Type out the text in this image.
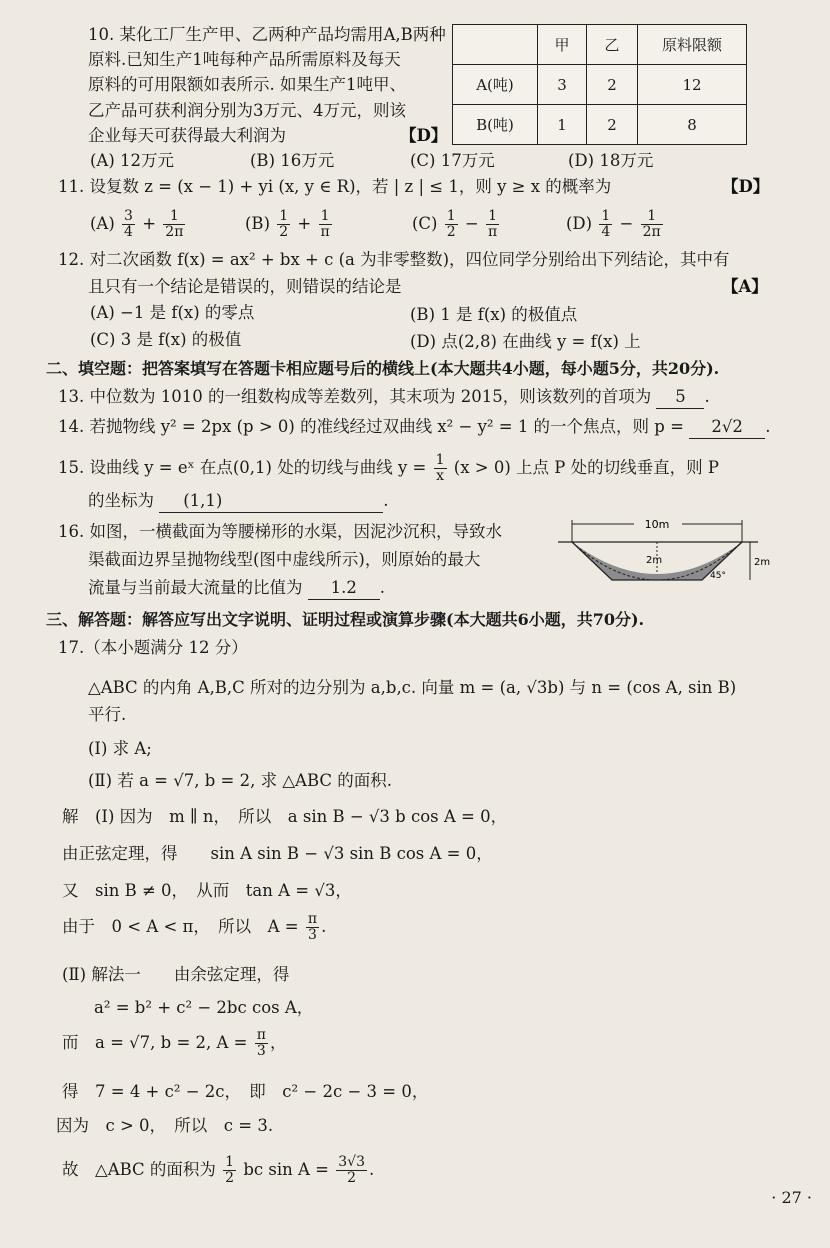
10. 某化工厂生产甲、乙两种产品均需用A,B两种
原料.已知生产1吨每种产品所需原料及每天
原料的可用限额如表所示. 如果生产1吨甲、
乙产品可获利润分别为3万元、4万元，则该
企业每天可获得最大利润为	【D】
(A) 12万元	(B) 16万元	(C) 17万元	(D) 18万元
	甲	乙	原料限额
A(吨)	3	2	12
B(吨)	1	2	8
11. 设复数 z = (x − 1) + yi (x, y ∈ R)，若 | z | ≤ 1，则 y ≥ x 的概率为	【D】
$(A) \frac{3}{4} + \frac{1}{2\pi}$	$(B) \frac{1}{2} + \frac{1}{\pi}$	$(C) \frac{1}{2} - \frac{1}{\pi}$	$(D) \frac{1}{4} - \frac{1}{2\pi}$
12. 对二次函数 f(x) = ax² + bx + c (a 为非零整数)，四位同学分别给出下列结论，其中有
且只有一个结论是错误的，则错误的结论是	【A】
(A) −1 是 f(x) 的零点	(B) 1 是 f(x) 的极值点
(C) 3 是 f(x) 的极值	(D) 点(2,8) 在曲线 y = f(x) 上
二、填空题：把答案填写在答题卡相应题号后的横线上(本大题共4小题，每小题5分，共20分).
13. 中位数为 1010 的一组数构成等差数列，其末项为 2015，则该数列的首项为 5 .
14. 若抛物线 y² = 2px (p > 0) 的准线经过双曲线 x² − y² = 1 的一个焦点，则 p = 2√2 .
15. 设曲线 y = eˣ 在点(0,1) 处的切线与曲线 $y = \frac{1}{x} (x > 0)$ 上点 P 处的切线垂直，则 P
的坐标为 (1,1)	.
16. 如图，一横截面为等腰梯形的水渠，因泥沙沉积，导致水
渠截面边界呈抛物线型(图中虚线所示)，则原始的最大
流量与当前最大流量的比值为 1.2 .
10m
2m	2m
45°
三、解答题：解答应写出文字说明、证明过程或演算步骤(本大题共6小题，共70分).
17.（本小题满分 12 分）
△ABC 的内角 A,B,C 所对的边分别为 a,b,c. 向量 m = (a, √3b) 与 n = (cos A, sin B)
平行.
(Ⅰ) 求 A;
(Ⅱ) 若 a = √7, b = 2, 求 △ABC 的面积.
解　(Ⅰ) 因为　m ∥ n，　所以　a sin B − √3 b cos A = 0，
由正弦定理，得　　sin A sin B − √3 sin B cos A = 0，
又　sin B ≠ 0，　从而　tan A = √3，
由于　0 < A < π，　所以　$A = \frac{\pi}{3}$ .
(Ⅱ) 解法一　　由余弦定理，得
a² = b² + c² − 2bc cos A，
而　a = √7, b = 2, $A = \frac{\pi}{3}$ ，
得　7 = 4 + c² − 2c，　即　c² − 2c − 3 = 0，
因为　c > 0，　所以　c = 3.
故　△ABC 的面积为 $\frac{1}{2}$ bc $\sin A = \frac{3√3}{2}$ .
· 27 ·
